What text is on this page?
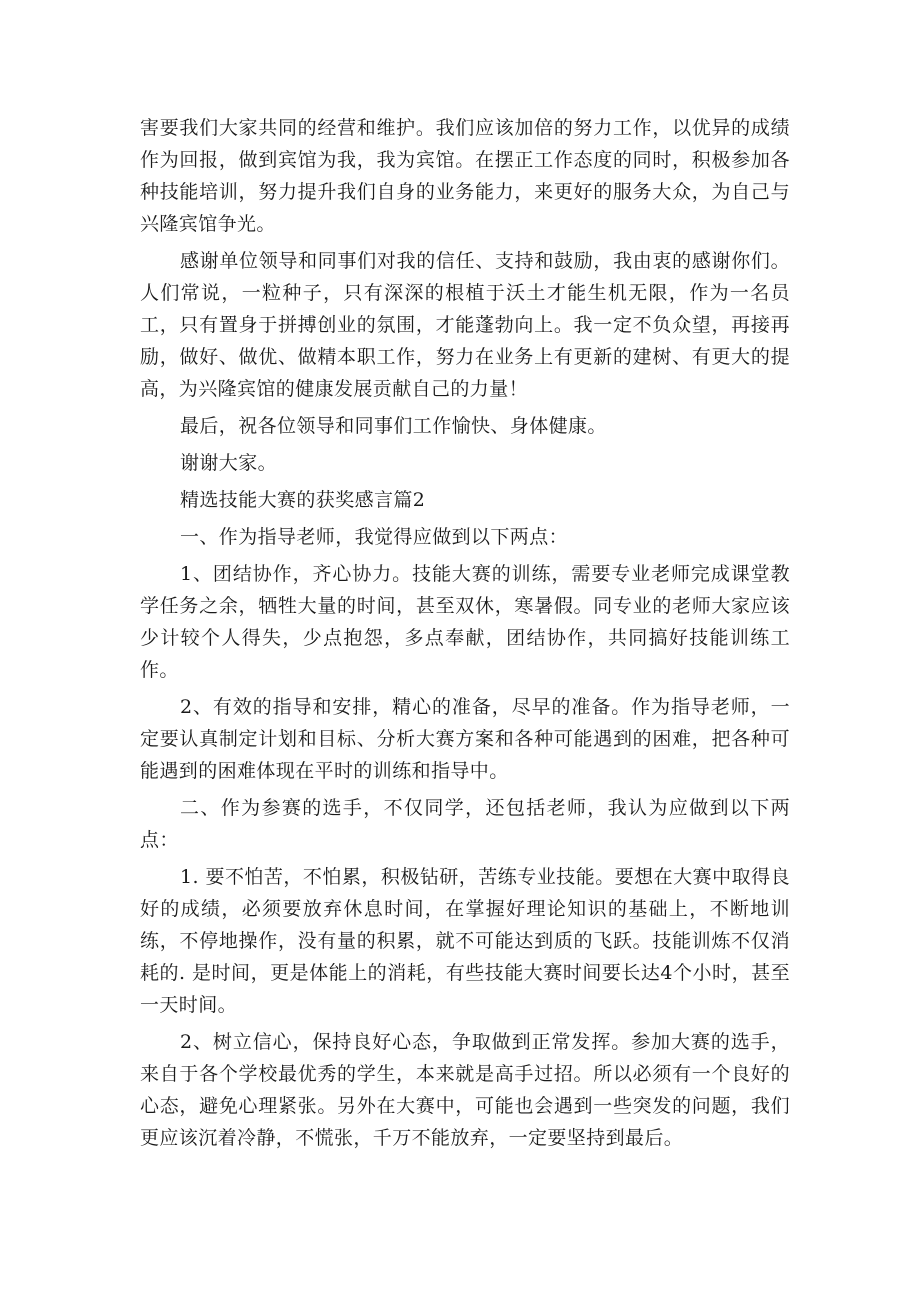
害要我们大家共同的经营和维护。我们应该加倍的努力工作，以优异的成绩作为回报，做到宾馆为我，我为宾馆。在摆正工作态度的同时，积极参加各种技能培训，努力提升我们自身的业务能力，来更好的服务大众，为自己与兴隆宾馆争光。

感谢单位领导和同事们对我的信任、支持和鼓励，我由衷的感谢你们。人们常说，一粒种子，只有深深的根植于沃土才能生机无限，作为一名员工，只有置身于拼搏创业的氛围，才能蓬勃向上。我一定不负众望，再接再励，做好、做优、做精本职工作，努力在业务上有更新的建树、有更大的提高，为兴隆宾馆的健康发展贡献自己的力量！

最后，祝各位领导和同事们工作愉快、身体健康。

谢谢大家。

精选技能大赛的获奖感言篇2

一、作为指导老师，我觉得应做到以下两点：

1、团结协作，齐心协力。技能大赛的训练，需要专业老师完成课堂教学任务之余，牺牲大量的时间，甚至双休，寒暑假。同专业的老师大家应该少计较个人得失，少点抱怨，多点奉献，团结协作，共同搞好技能训练工作。

2、有效的指导和安排，精心的准备，尽早的准备。作为指导老师，一定要认真制定计划和目标、分析大赛方案和各种可能遇到的困难，把各种可能遇到的困难体现在平时的训练和指导中。

二、作为参赛的选手，不仅同学，还包括老师，我认为应做到以下两点：

1. 要不怕苦，不怕累，积极钻研，苦练专业技能。要想在大赛中取得良好的成绩，必须要放弃休息时间，在掌握好理论知识的基础上，不断地训练，不停地操作，没有量的积累，就不可能达到质的飞跃。技能训炼不仅消耗的. 是时间，更是体能上的消耗，有些技能大赛时间要长达4个小时，甚至一天时间。

2、树立信心，保持良好心态，争取做到正常发挥。参加大赛的选手，来自于各个学校最优秀的学生，本来就是高手过招。所以必须有一个良好的心态，避免心理紧张。另外在大赛中，可能也会遇到一些突发的问题，我们更应该沉着冷静，不慌张，千万不能放弃，一定要坚持到最后。
